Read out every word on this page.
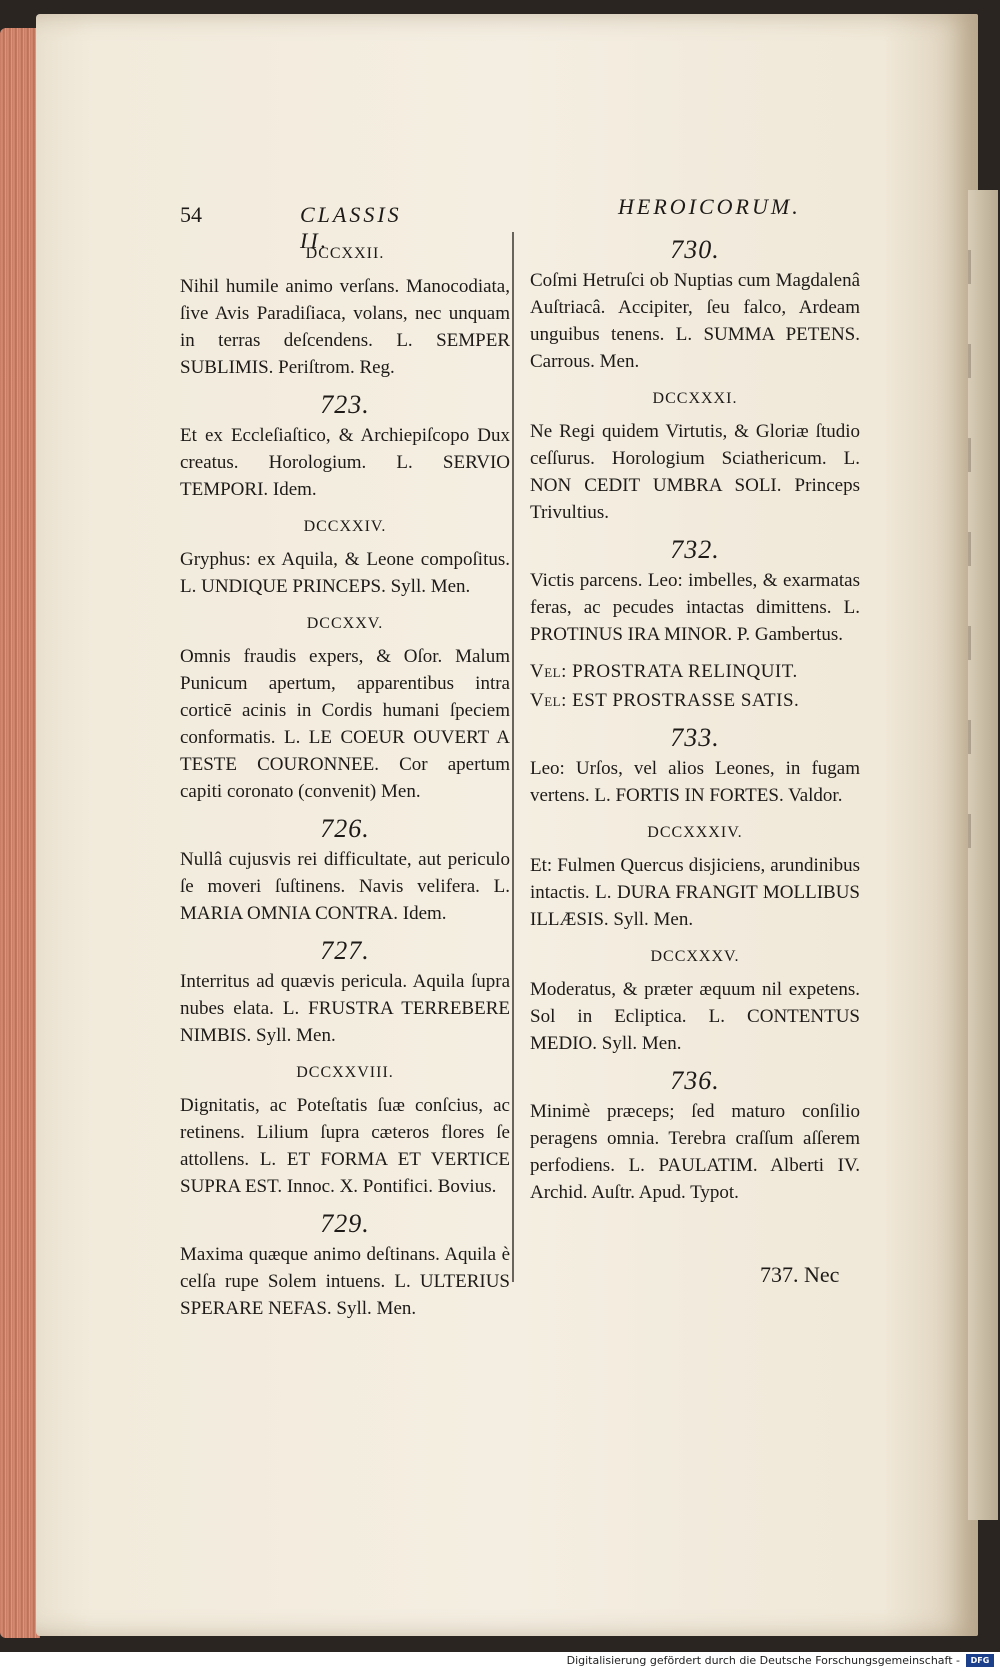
54	CLASSIS II.
HEROICORUM.
DCCXXII.
Nihil humile animo verſans. Manocodiata, ſive Avis Paradiſiaca, volans, nec unquam in terras deſcendens. L. SEMPER SUBLIMIS. Periſtrom. Reg.
723.
Et ex Eccleſiaſtico, & Archiepiſcopo Dux creatus. Horologium. L. SERVIO TEMPORI. Idem.
DCCXXIV.
Gryphus: ex Aquila, & Leone compoſitus. L. UNDIQUE PRINCEPS. Syll. Men.
DCCXXV.
Omnis fraudis expers, & Oſor. Malum Punicum apertum, apparentibus intra corticē acinis in Cordis humani ſpeciem conformatis. L. LE COEUR OUVERT A TESTE COURONNEE. Cor apertum capiti coronato (convenit) Men.
726.
Nullâ cujusvis rei difficultate, aut periculo ſe moveri ſuſtinens. Navis velifera. L. MARIA OMNIA CONTRA. Idem.
727.
Interritus ad quævis pericula. Aquila ſupra nubes elata. L. FRUSTRA TERREBERE NIMBIS. Syll. Men.
DCCXXVIII.
Dignitatis, ac Poteſtatis ſuæ conſcius, ac retinens. Lilium ſupra cæteros flores ſe attollens. L. ET FORMA ET VERTICE SUPRA EST. Innoc. X. Pontifici. Bovius.
729.
Maxima quæque animo deſtinans. Aquila è celſa rupe Solem intuens. L. ULTERIUS SPERARE NEFAS. Syll. Men.
730.
Coſmi Hetruſci ob Nuptias cum Magdalenâ Auſtriacâ. Accipiter, ſeu falco, Ardeam unguibus tenens. L. SUMMA PETENS. Carrous. Men.
DCCXXXI.
Ne Regi quidem Virtutis, & Gloriæ ſtudio ceſſurus. Horologium Sciathericum. L. NON CEDIT UMBRA SOLI. Princeps Trivultius.
732.
Victis parcens. Leo: imbelles, & exarmatas feras, ac pecudes intactas dimittens. L. PROTINUS IRA MINOR. P. Gambertus.
Vel: PROSTRATA RELINQUIT.
Vel: EST PROSTRASSE SATIS.
733.
Leo: Urſos, vel alios Leones, in fugam vertens. L. FORTIS IN FORTES. Valdor.
DCCXXXIV.
Et: Fulmen Quercus disjiciens, arundinibus intactis. L. DURA FRANGIT MOLLIBUS ILLÆSIS. Syll. Men.
DCCXXXV.
Moderatus, & præter æquum nil expetens. Sol in Ecliptica. L. CONTENTUS MEDIO. Syll. Men.
736.
Minimè præceps; ſed maturo conſilio peragens omnia. Terebra craſſum aſſerem perfodiens. L. PAULATIM. Alberti IV. Archid. Auſtr. Apud. Typot.
737. Nec
Digitalisierung gefördert durch die Deutsche Forschungsgemeinschaft -	DFG
